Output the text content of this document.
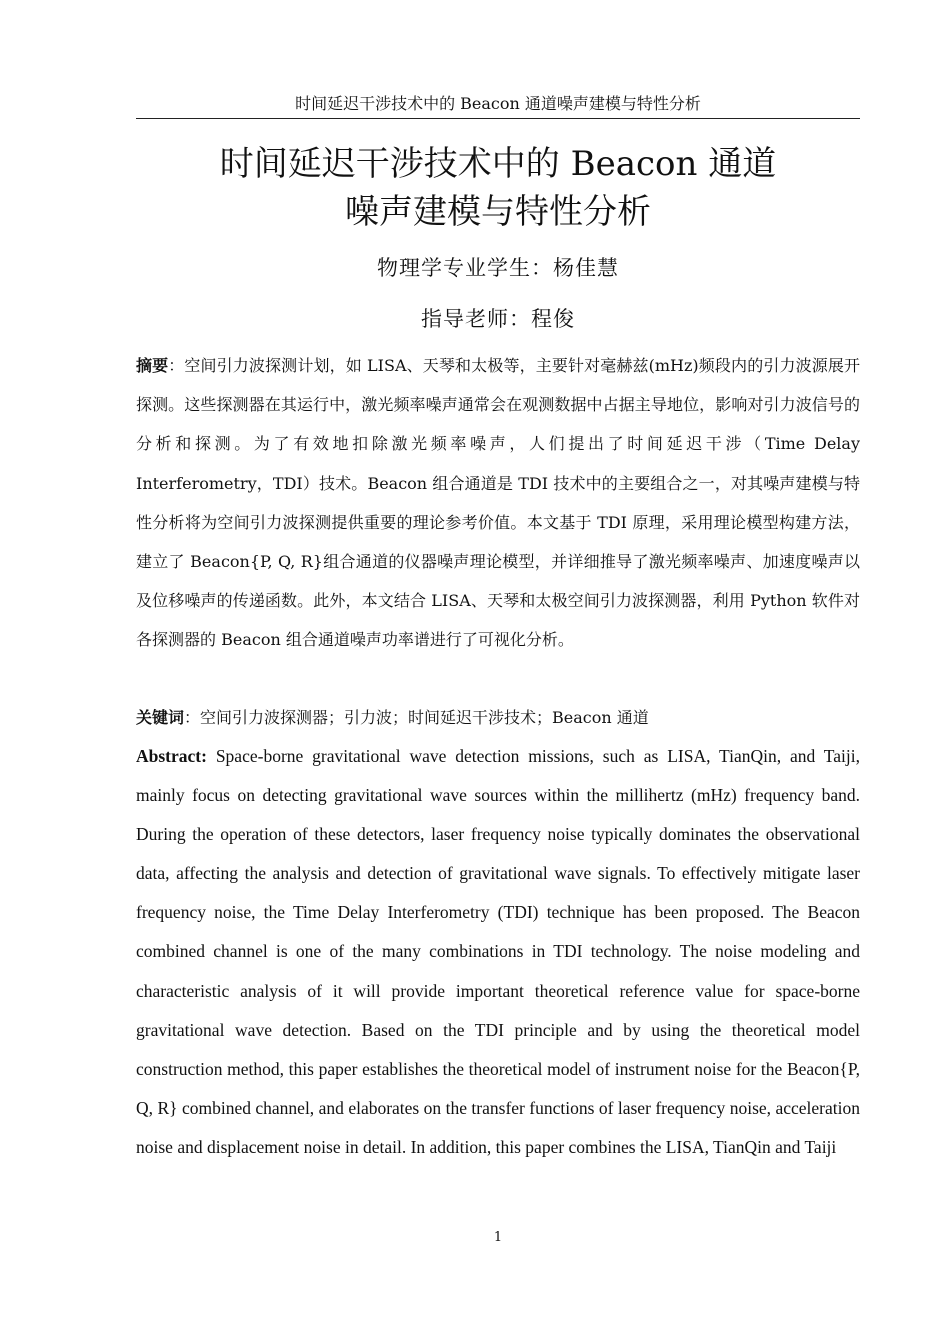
时间延迟干涉技术中的 Beacon 通道噪声建模与特性分析
时间延迟干涉技术中的 Beacon 通道
噪声建模与特性分析
物理学专业学生：杨佳慧
指导老师：程俊

摘要：空间引力波探测计划，如 LISA、天琴和太极等，主要针对毫赫兹(mHz)频段内的引力波源展开探测。这些探测器在其运行中，激光频率噪声通常会在观测数据中占据主导地位，影响对引力波信号的分析和探测。为了有效地扣除激光频率噪声，人们提出了时间延迟干涉（Time Delay Interferometry，TDI）技术。Beacon 组合通道是 TDI 技术中的主要组合之一，对其噪声建模与特性分析将为空间引力波探测提供重要的理论参考价值。本文基于 TDI 原理，采用理论模型构建方法，建立了 Beacon{P, Q, R}组合通道的仪器噪声理论模型，并详细推导了激光频率噪声、加速度噪声以及位移噪声的传递函数。此外，本文结合 LISA、天琴和太极空间引力波探测器，利用 Python 软件对各探测器的 Beacon 组合通道噪声功率谱进行了可视化分析。

关键词：空间引力波探测器；引力波；时间延迟干涉技术；Beacon 通道

Abstract: Space-borne gravitational wave detection missions, such as LISA, TianQin, and Taiji, mainly focus on detecting gravitational wave sources within the millihertz (mHz) frequency band. During the operation of these detectors, laser frequency noise typically dominates the observational data, affecting the analysis and detection of gravitational wave signals. To effectively mitigate laser frequency noise, the Time Delay Interferometry (TDI) technique has been proposed. The Beacon combined channel is one of the many combinations in TDI technology. The noise modeling and characteristic analysis of it will provide important theoretical reference value for space-borne gravitational wave detection. Based on the TDI principle and by using the theoretical model construction method, this paper establishes the theoretical model of instrument noise for the Beacon{P, Q, R} combined channel, and elaborates on the transfer functions of laser frequency noise, acceleration noise and displacement noise in detail. In addition, this paper combines the LISA, TianQin and Taiji

1
